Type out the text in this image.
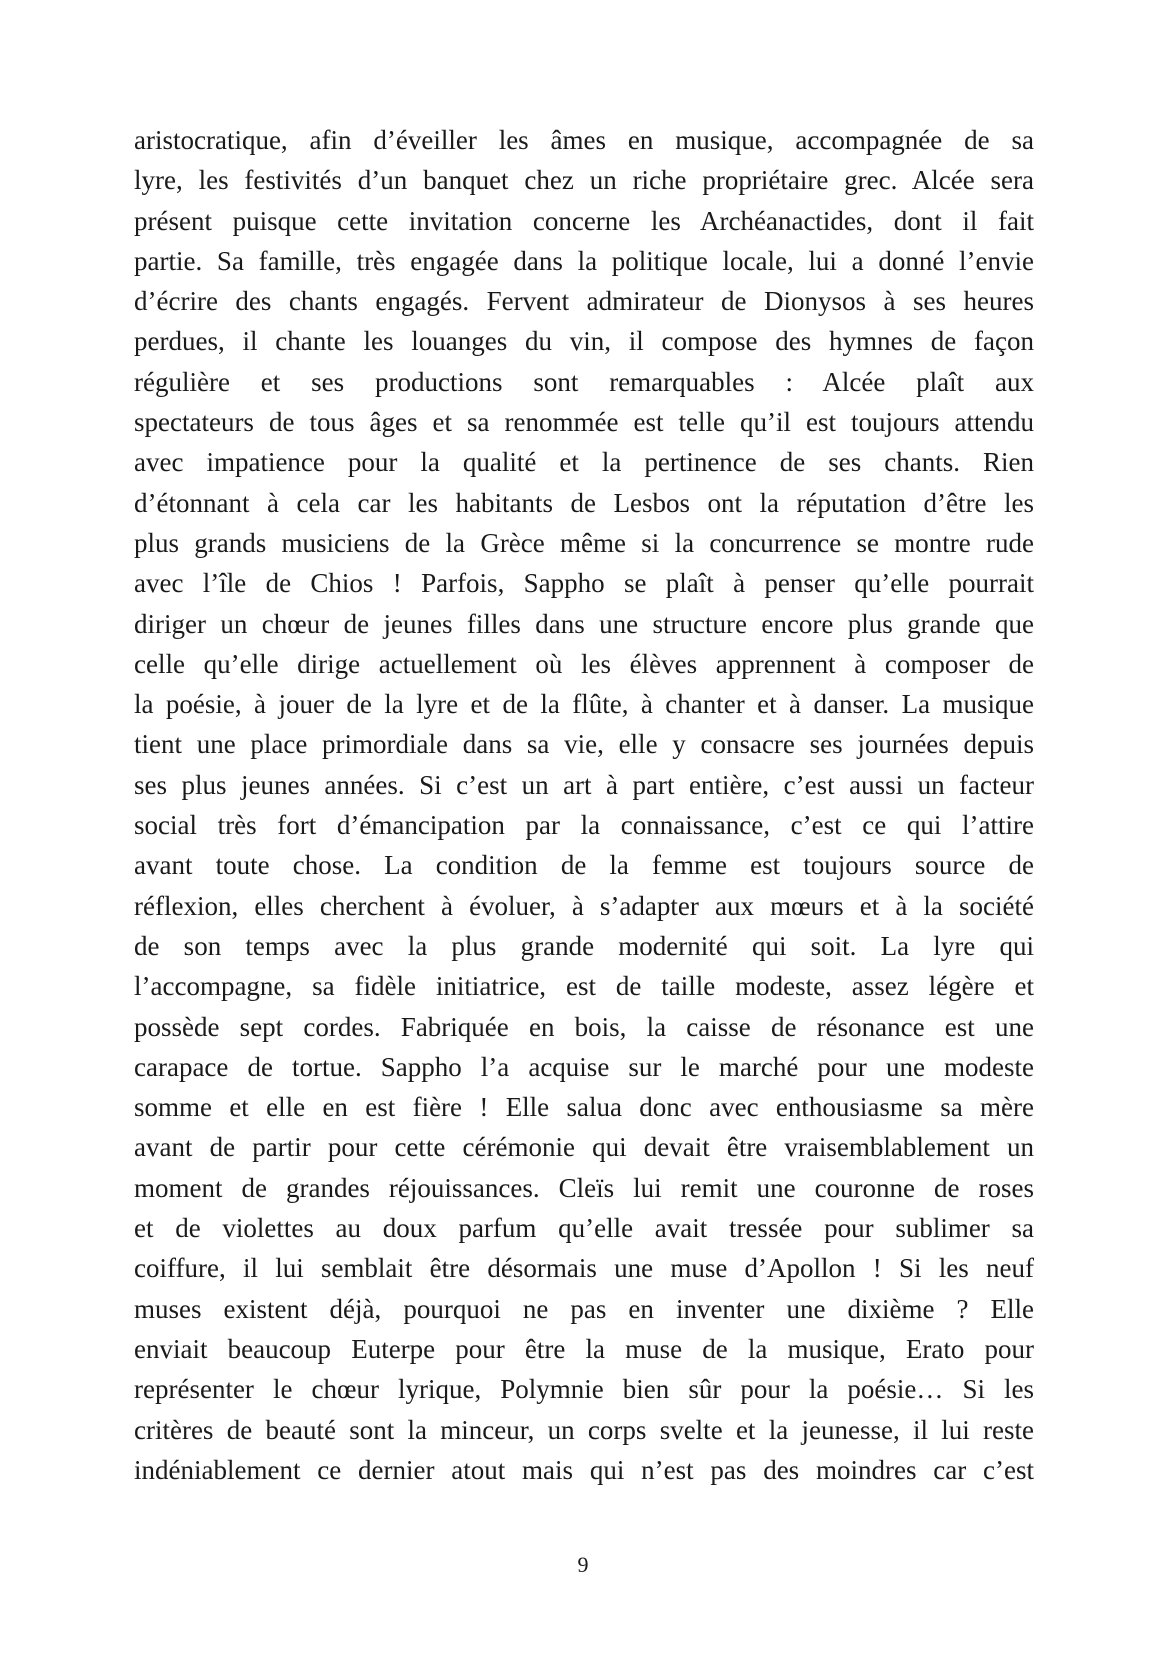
aristocratique, afin d’éveiller les âmes en musique, accompagnée de sa
lyre, les festivités d’un banquet chez un riche propriétaire grec. Alcée sera
présent puisque cette invitation concerne les Archéanactides, dont il fait
partie. Sa famille, très engagée dans la politique locale, lui a donné l’envie
d’écrire des chants engagés. Fervent admirateur de Dionysos à ses heures
perdues, il chante les louanges du vin, il compose des hymnes de façon
régulière et ses productions sont remarquables : Alcée plaît aux
spectateurs de tous âges et sa renommée est telle qu’il est toujours attendu
avec impatience pour la qualité et la pertinence de ses chants. Rien
d’étonnant à cela car les habitants de Lesbos ont la réputation d’être les
plus grands musiciens de la Grèce même si la concurrence se montre rude
avec l’île de Chios ! Parfois, Sappho se plaît à penser qu’elle pourrait
diriger un chœur de jeunes filles dans une structure encore plus grande que
celle qu’elle dirige actuellement où les élèves apprennent à composer de
la poésie, à jouer de la lyre et de la flûte, à chanter et à danser. La musique
tient une place primordiale dans sa vie, elle y consacre ses journées depuis
ses plus jeunes années. Si c’est un art à part entière, c’est aussi un facteur
social très fort d’émancipation par la connaissance, c’est ce qui l’attire
avant toute chose. La condition de la femme est toujours source de
réflexion, elles cherchent à évoluer, à s’adapter aux mœurs et à la société
de son temps avec la plus grande modernité qui soit. La lyre qui
l’accompagne, sa fidèle initiatrice, est de taille modeste, assez légère et
possède sept cordes. Fabriquée en bois, la caisse de résonance est une
carapace de tortue. Sappho l’a acquise sur le marché pour une modeste
somme et elle en est fière ! Elle salua donc avec enthousiasme sa mère
avant de partir pour cette cérémonie qui devait être vraisemblablement un
moment de grandes réjouissances. Cleïs lui remit une couronne de roses
et de violettes au doux parfum qu’elle avait tressée pour sublimer sa
coiffure, il lui semblait être désormais une muse d’Apollon ! Si les neuf
muses existent déjà, pourquoi ne pas en inventer une dixième ? Elle
enviait beaucoup Euterpe pour être la muse de la musique, Erato pour
représenter le chœur lyrique, Polymnie bien sûr pour la poésie… Si les
critères de beauté sont la minceur, un corps svelte et la jeunesse, il lui reste
indéniablement ce dernier atout mais qui n’est pas des moindres car c’est
9
